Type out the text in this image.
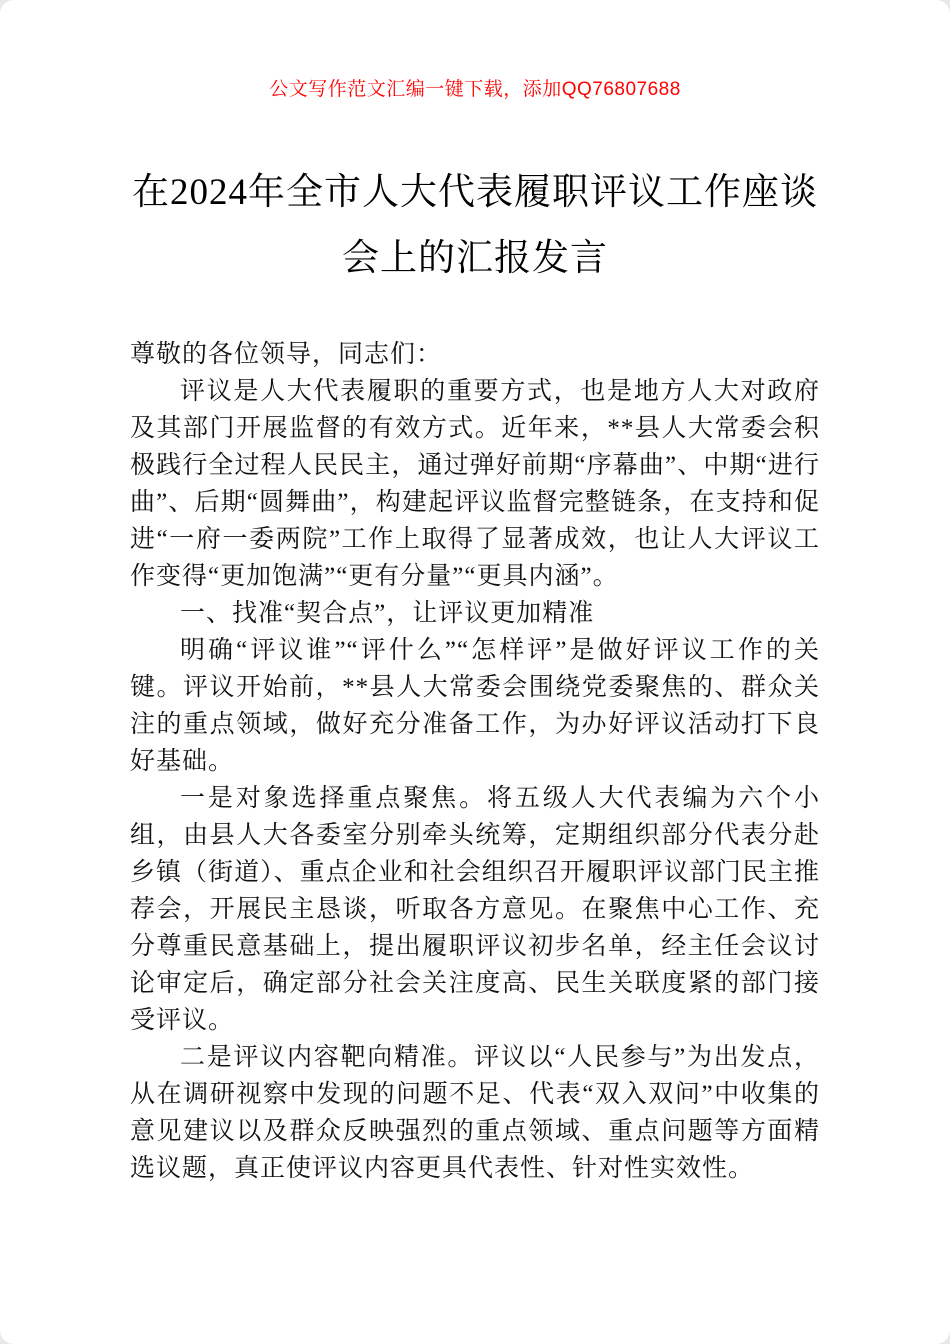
公文写作范文汇编一键下载，添加QQ76807688
在2024年全市人大代表履职评议工作座谈
会上的汇报发言

尊敬的各位领导，同志们：

评议是人大代表履职的重要方式，也是地方人大对政府及其部门开展监督的有效方式。近年来，**县人大常委会积极践行全过程人民民主，通过弹好前期“序幕曲”、中期“进行曲”、后期“圆舞曲”，构建起评议监督完整链条，在支持和促进“一府一委两院”工作上取得了显著成效，也让人大评议工作变得“更加饱满”“更有分量”“更具内涵”。

一、找准“契合点”，让评议更加精准

明确“评议谁”“评什么”“怎样评”是做好评议工作的关键。评议开始前，**县人大常委会围绕党委聚焦的、群众关注的重点领域，做好充分准备工作，为办好评议活动打下良好基础。

一是对象选择重点聚焦。将五级人大代表编为六个小组，由县人大各委室分别牵头统筹，定期组织部分代表分赴乡镇（街道）、重点企业和社会组织召开履职评议部门民主推荐会，开展民主恳谈，听取各方意见。在聚焦中心工作、充分尊重民意基础上，提出履职评议初步名单，经主任会议讨论审定后，确定部分社会关注度高、民生关联度紧的部门接受评议。

二是评议内容靶向精准。评议以“人民参与”为出发点，从在调研视察中发现的问题不足、代表“双入双问”中收集的意见建议以及群众反映强烈的重点领域、重点问题等方面精选议题，真正使评议内容更具代表性、针对性实效性。
